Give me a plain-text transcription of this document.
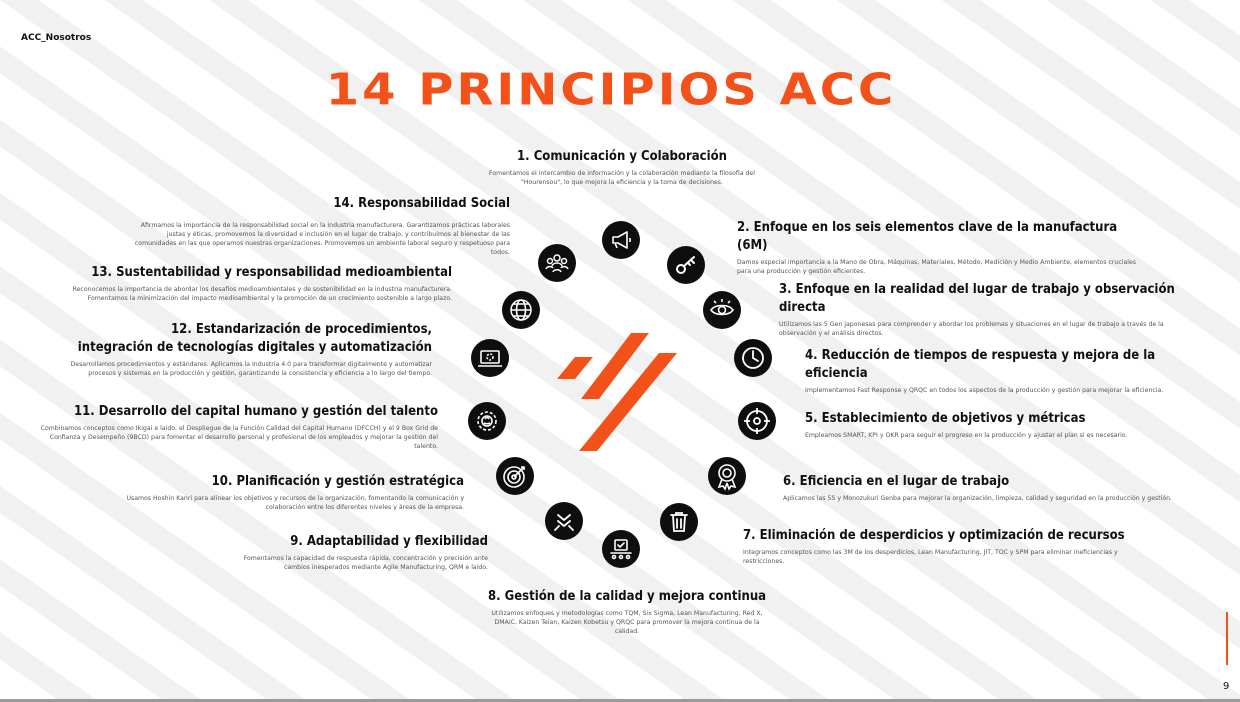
ACC_Nosotros
14 PRINCIPIOS ACC
1. Comunicación y Colaboración

Fomentamos el intercambio de información y la colaboración mediante la filosofía del "Hourensou", lo que mejora la eficiencia y la toma de decisiones.

2. Enfoque en los seis elementos clave de la manufactura (6M)

Damos especial importancia a la Mano de Obra, Máquinas, Materiales, Método, Medición y Medio Ambiente, elementos cruciales para una producción y gestión eficientes.

3. Enfoque en la realidad del lugar de trabajo y observación directa

Utilizamos las 5 Gen japonesas para comprender y abordar los problemas y situaciones en el lugar de trabajo a través de la observación y el análisis directos.

4. Reducción de tiempos de respuesta y mejora de la eficiencia

Implementamos Fast Response y QRQC en todos los aspectos de la producción y gestión para mejorar la eficiencia.

5. Establecimiento de objetivos y métricas

Empleamos SMART, KPI y OKR para seguir el progreso en la producción y ajustar el plan si es necesario.

6. Eficiencia en el lugar de trabajo

Aplicamos las 5S y Monozukuri Genba para mejorar la organización, limpieza, calidad y seguridad en la producción y gestión.

7. Eliminación de desperdicios y optimización de recursos

Integramos conceptos como las 3M de los desperdicios, Lean Manufacturing, JIT, TOC y SPM para eliminar ineficiencias y restricciones.

8. Gestión de la calidad y mejora continua

Utilizamos enfoques y metodologías como TQM, Six Sigma, Lean Manufacturing, Red X, DMAIC, Kaizen Teian, Kaizen Kobetsu y QRQC para promover la mejora continua de la calidad.

9. Adaptabilidad y flexibilidad

Fomentamos la capacidad de respuesta rápida, concentración y precisión ante cambios inesperados mediante Agile Manufacturing, QRM e laido.

10. Planificación y gestión estratégica

Usamos Hoshin Kanri para alinear los objetivos y recursos de la organización, fomentando la comunicación y colaboración entre los diferentes niveles y áreas de la empresa.

11. Desarrollo del capital humano y gestión del talento

Combinamos conceptos como Ikigai e laido, el Despliegue de la Función Calidad del Capital Humano (DFCCH) y el 9 Box Grid de Confianza y Desempeño (9BCD) para fomentar el desarrollo personal y profesional de los empleados y mejorar la gestión del talento.

12. Estandarización de procedimientos,
integración de tecnologías digitales y automatización

Desarrollamos procedimientos y estándares. Aplicamos la Industria 4.0 para transformar digitalmente y automatizar procesos y sistemas en la producción y gestión, garantizando la consistencia y eficiencia a lo largo del tiempo.

13. Sustentabilidad y responsabilidad medioambiental

Reconocemos la importancia de abordar los desafíos medioambientales y de sostenibilidad en la industria manufacturera. Fomentamos la minimización del impacto medioambiental y la promoción de un crecimiento sostenible a largo plazo.

14. Responsabilidad Social

Afirmamos la importancia de la responsabilidad social en la industria manufacturera. Garantizamos prácticas laborales justas y éticas, promovemos la diversidad e inclusión en el lugar de trabajo, y contribuimos al bienestar de las comunidades en las que operamos nuestras organizaciones. Promovemos un ambiente laboral seguro y respetuoso para todos.

9
